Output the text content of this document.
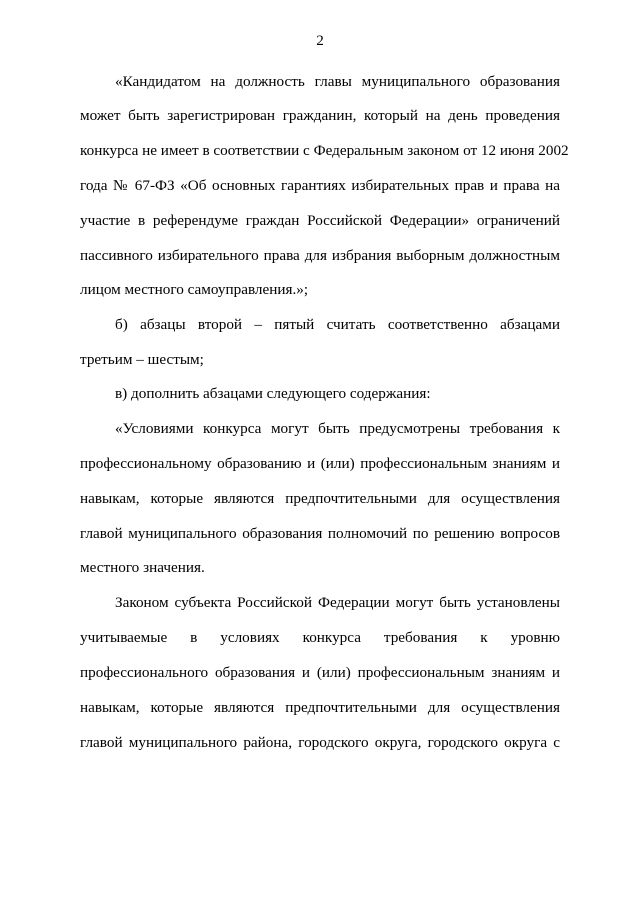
2
«Кандидатом на должность главы муниципального образования
может быть зарегистрирован гражданин, который на день проведения
конкурса не имеет в соответствии с Федеральным законом от 12 июня 2002
года № 67-ФЗ «Об основных гарантиях избирательных прав и права на
участие в референдуме граждан Российской Федерации» ограничений
пассивного избирательного права для избрания выборным должностным
лицом местного самоуправления.»;
б) абзацы второй – пятый считать соответственно абзацами
третьим – шестым;
в) дополнить абзацами следующего содержания:
«Условиями конкурса могут быть предусмотрены требования к
профессиональному образованию и (или) профессиональным знаниям и
навыкам, которые являются предпочтительными для осуществления
главой муниципального образования полномочий по решению вопросов
местного значения.
Законом субъекта Российской Федерации могут быть установлены
учитываемые в условиях конкурса требования к уровню
профессионального образования и (или) профессиональным знаниям и
навыкам, которые являются предпочтительными для осуществления
главой муниципального района, городского округа, городского округа с
